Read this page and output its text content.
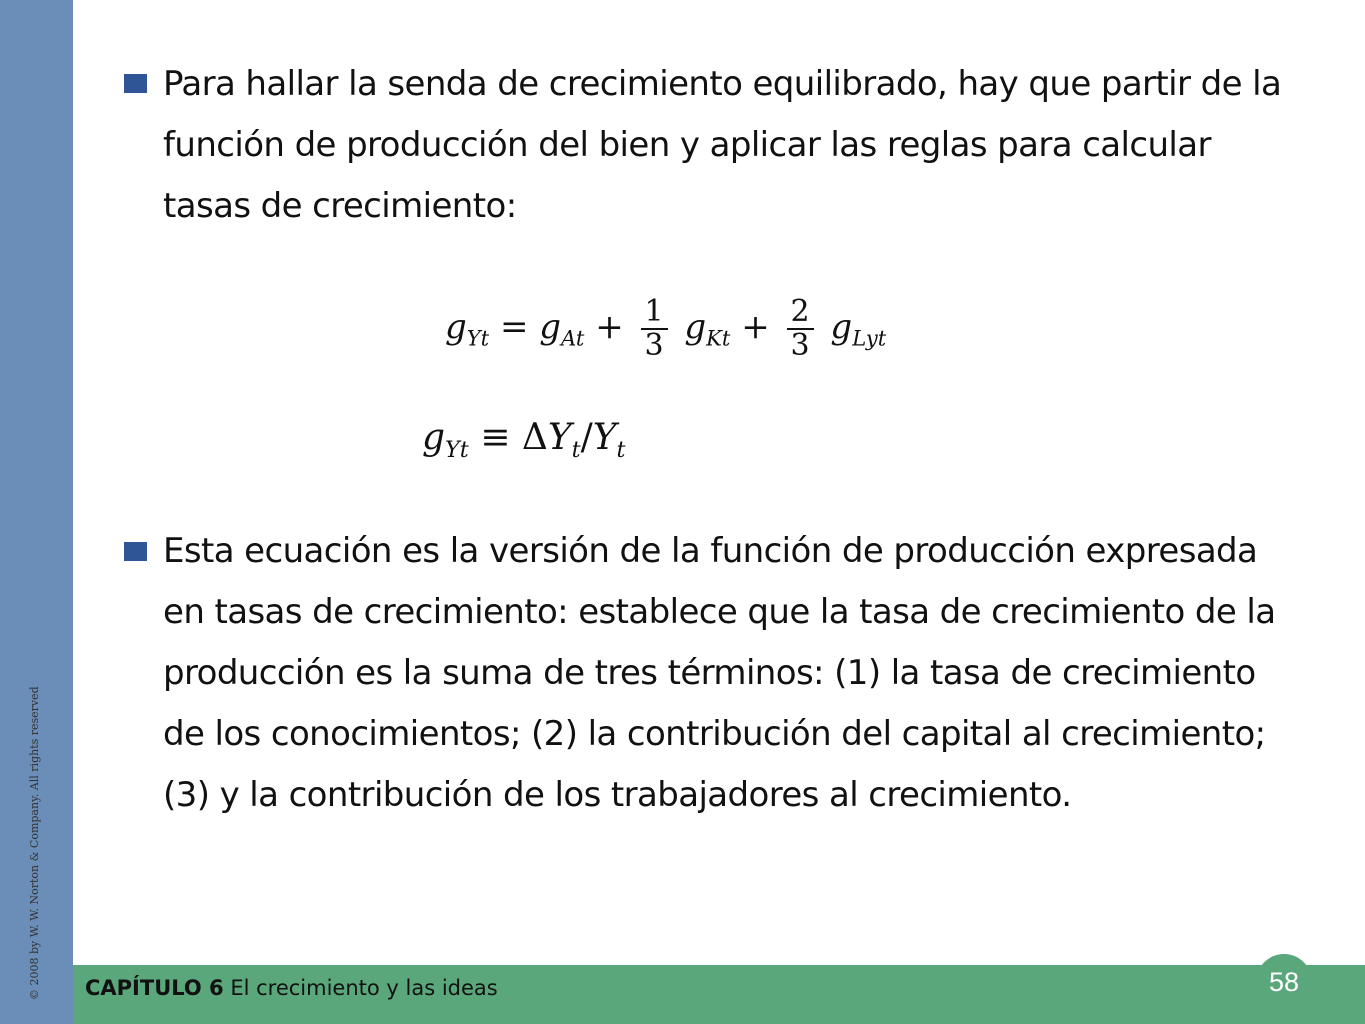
© 2008 by W. W. Norton & Company. All rights reserved
Para hallar la senda de crecimiento equilibrado, hay que partir de la función de producción del bien y aplicar las reglas para calcular tasas de crecimiento:
$g_{Yt} = g_{At} + \frac{1}{3} g_{Kt} + \frac{2}{3} g_{Lyt}$
$g_{Yt} \equiv \Delta Y_t/Y_t$
Esta ecuación es la versión de la función de producción expresada en tasas de crecimiento: establece que la tasa de crecimiento de la producción es la suma de tres términos: (1) la tasa de crecimiento de los conocimientos; (2) la contribución del capital al crecimiento; (3) y la contribución de los trabajadores al crecimiento.
CAPÍTULO 6 El crecimiento y las ideas	58
